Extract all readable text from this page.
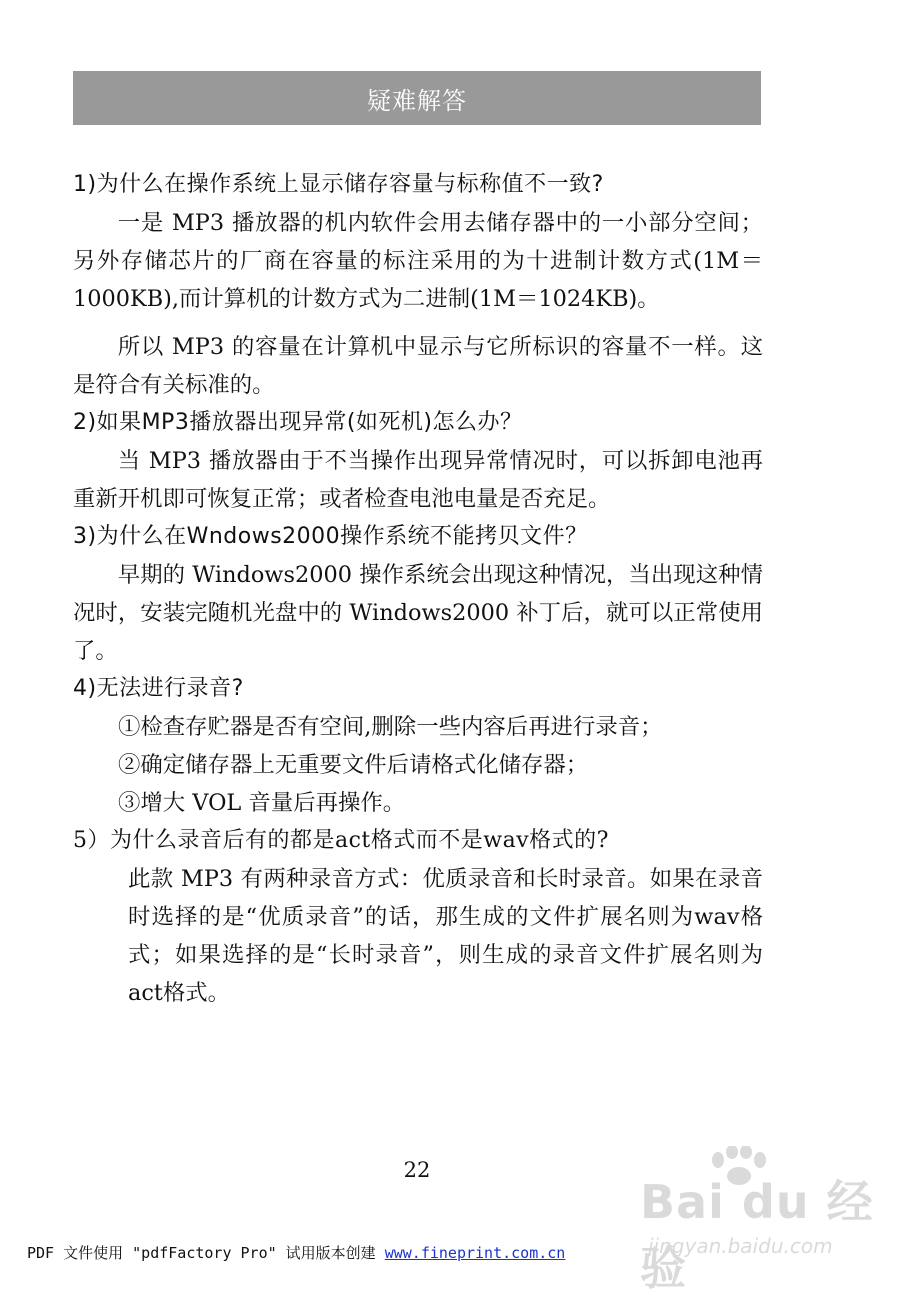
疑难解答

1)为什么在操作系统上显示储存容量与标称值不一致?

一是 MP3 播放器的机内软件会用去储存器中的一小部分空间；另外存储芯片的厂商在容量的标注采用的为十进制计数方式(1M＝1000KB),而计算机的计数方式为二进制(1M＝1024KB)。

所以 MP3 的容量在计算机中显示与它所标识的容量不一样。这是符合有关标准的。

2)如果MP3播放器出现异常(如死机)怎么办？

当 MP3 播放器由于不当操作出现异常情况时，可以拆卸电池再重新开机即可恢复正常；或者检查电池电量是否充足。

3)为什么在Wndows2000操作系统不能拷贝文件？

早期的 Windows2000 操作系统会出现这种情况，当出现这种情况时，安装完随机光盘中的 Windows2000 补丁后，就可以正常使用了。

4)无法进行录音?

①检查存贮器是否有空间,删除一些内容后再进行录音；

②确定储存器上无重要文件后请格式化储存器；

③增大 VOL 音量后再操作。

5）为什么录音后有的都是act格式而不是wav格式的?

此款 MP3 有两种录音方式：优质录音和长时录音。如果在录音时选择的是“优质录音”的话，那生成的文件扩展名则为wav格式；如果选择的是“长时录音”，则生成的录音文件扩展名则为act格式。

22
Bai du 经验
jingyan.baidu.com
PDF 文件使用 "pdfFactory Pro" 试用版本创建 www.fineprint.com.cn
